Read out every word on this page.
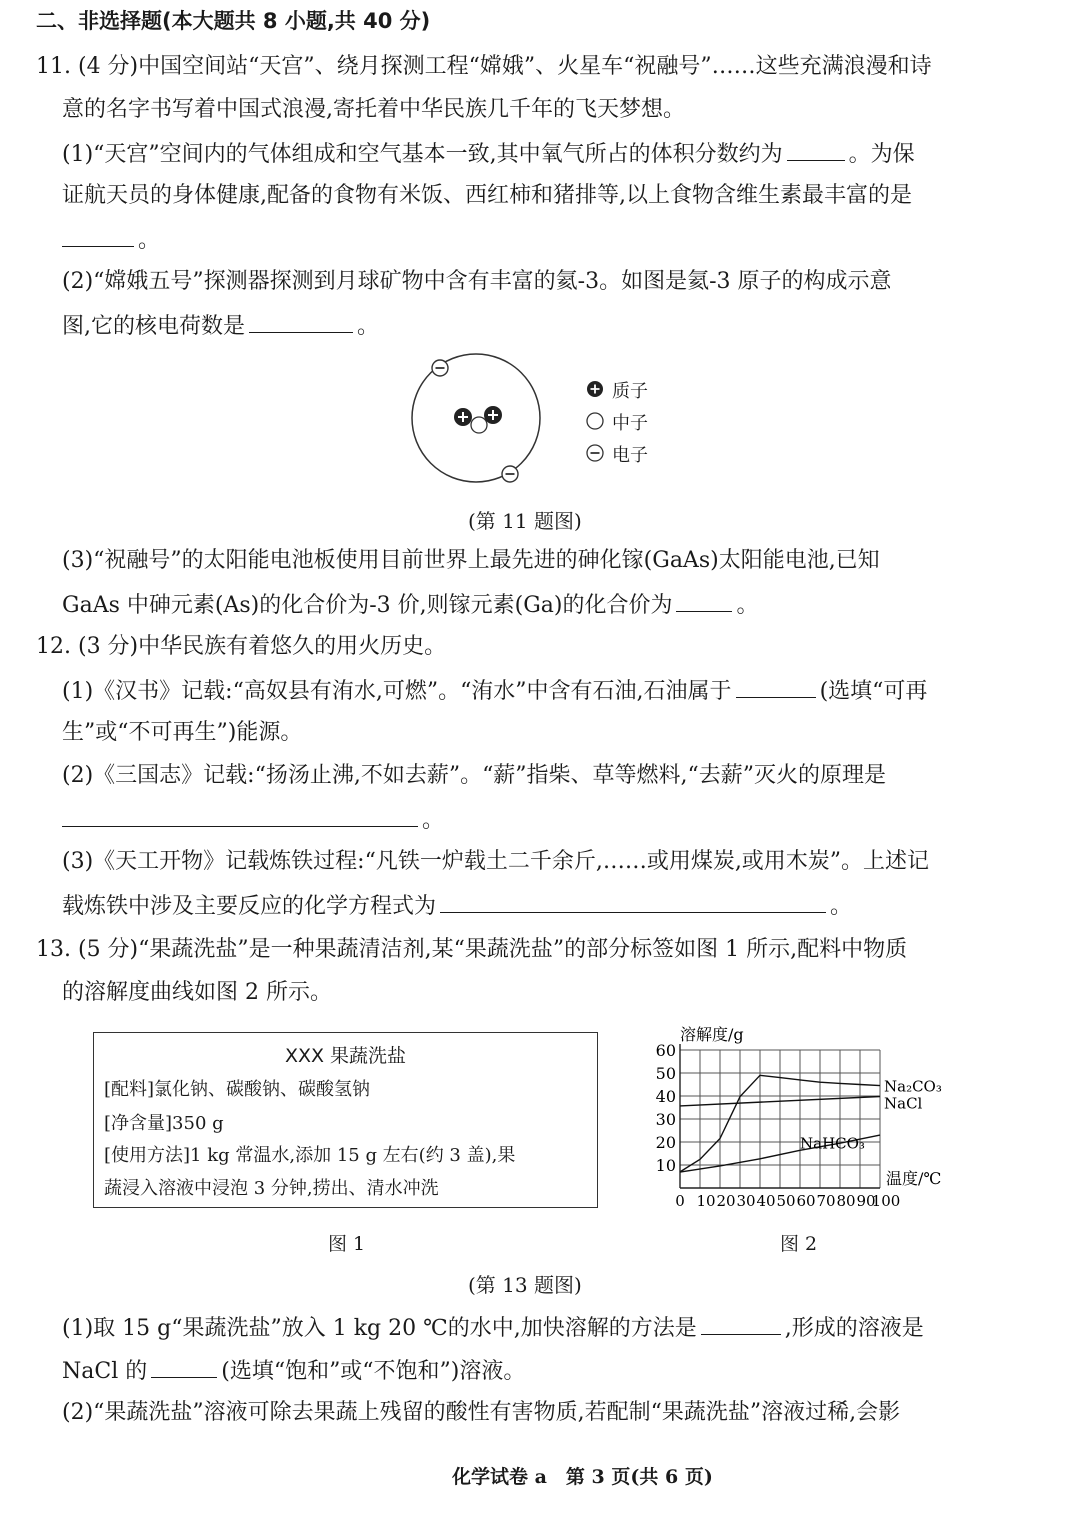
二、非选择题(本大题共 8 小题,共 40 分)
11. (4 分)中国空间站“天宫”、绕月探测工程“嫦娥”、火星车“祝融号”……这些充满浪漫和诗
意的名字书写着中国式浪漫,寄托着中华民族几千年的飞天梦想。
(1)“天宫”空间内的气体组成和空气基本一致,其中氧气所占的体积分数约为	。为保
证航天员的身体健康,配备的食物有米饭、西红柿和猪排等,以上食物含维生素最丰富的是
。
(2)“嫦娥五号”探测器探测到月球矿物中含有丰富的氦-3。如图是氦-3 原子的构成示意
图,它的核电荷数是	。
质子
中子
电子
(第 11 题图)
(3)“祝融号”的太阳能电池板使用目前世界上最先进的砷化镓(GaAs)太阳能电池,已知
GaAs 中砷元素(As)的化合价为-3 价,则镓元素(Ga)的化合价为	。
12. (3 分)中华民族有着悠久的用火历史。
(1)《汉书》记载:“高奴县有洧水,可燃”。“洧水”中含有石油,石油属于	(选填“可再
生”或“不可再生”)能源。
(2)《三国志》记载:“扬汤止沸,不如去薪”。“薪”指柴、草等燃料,“去薪”灭火的原理是
。
(3)《天工开物》记载炼铁过程:“凡铁一炉载土二千余斤,……或用煤炭,或用木炭”。上述记
载炼铁中涉及主要反应的化学方程式为	。
13. (5 分)“果蔬洗盐”是一种果蔬清洁剂,某“果蔬洗盐”的部分标签如图 1 所示,配料中物质
的溶解度曲线如图 2 所示。
XXX 果蔬洗盐
[配料]氯化钠、碳酸钠、碳酸氢钠
[净含量]350 g
[使用方法]1 kg 常温水,添加 15 g 左右(约 3 盖),果
蔬浸入溶液中浸泡 3 分钟,捞出、清水冲洗
图 1
10
20
30
40
50
60
0 10 20 30 40 50 60 70 80 90
100
溶解度/g
温度/℃
Na₂CO₃
NaCl
NaHCO₃
图 2
(第 13 题图)
(1)取 15 g“果蔬洗盐”放入 1 kg 20 ℃的水中,加快溶解的方法是	,形成的溶液是
NaCl 的	(选填“饱和”或“不饱和”)溶液。
(2)“果蔬洗盐”溶液可除去果蔬上残留的酸性有害物质,若配制“果蔬洗盐”溶液过稀,会影
化学试卷 a　第 3 页(共 6 页)
